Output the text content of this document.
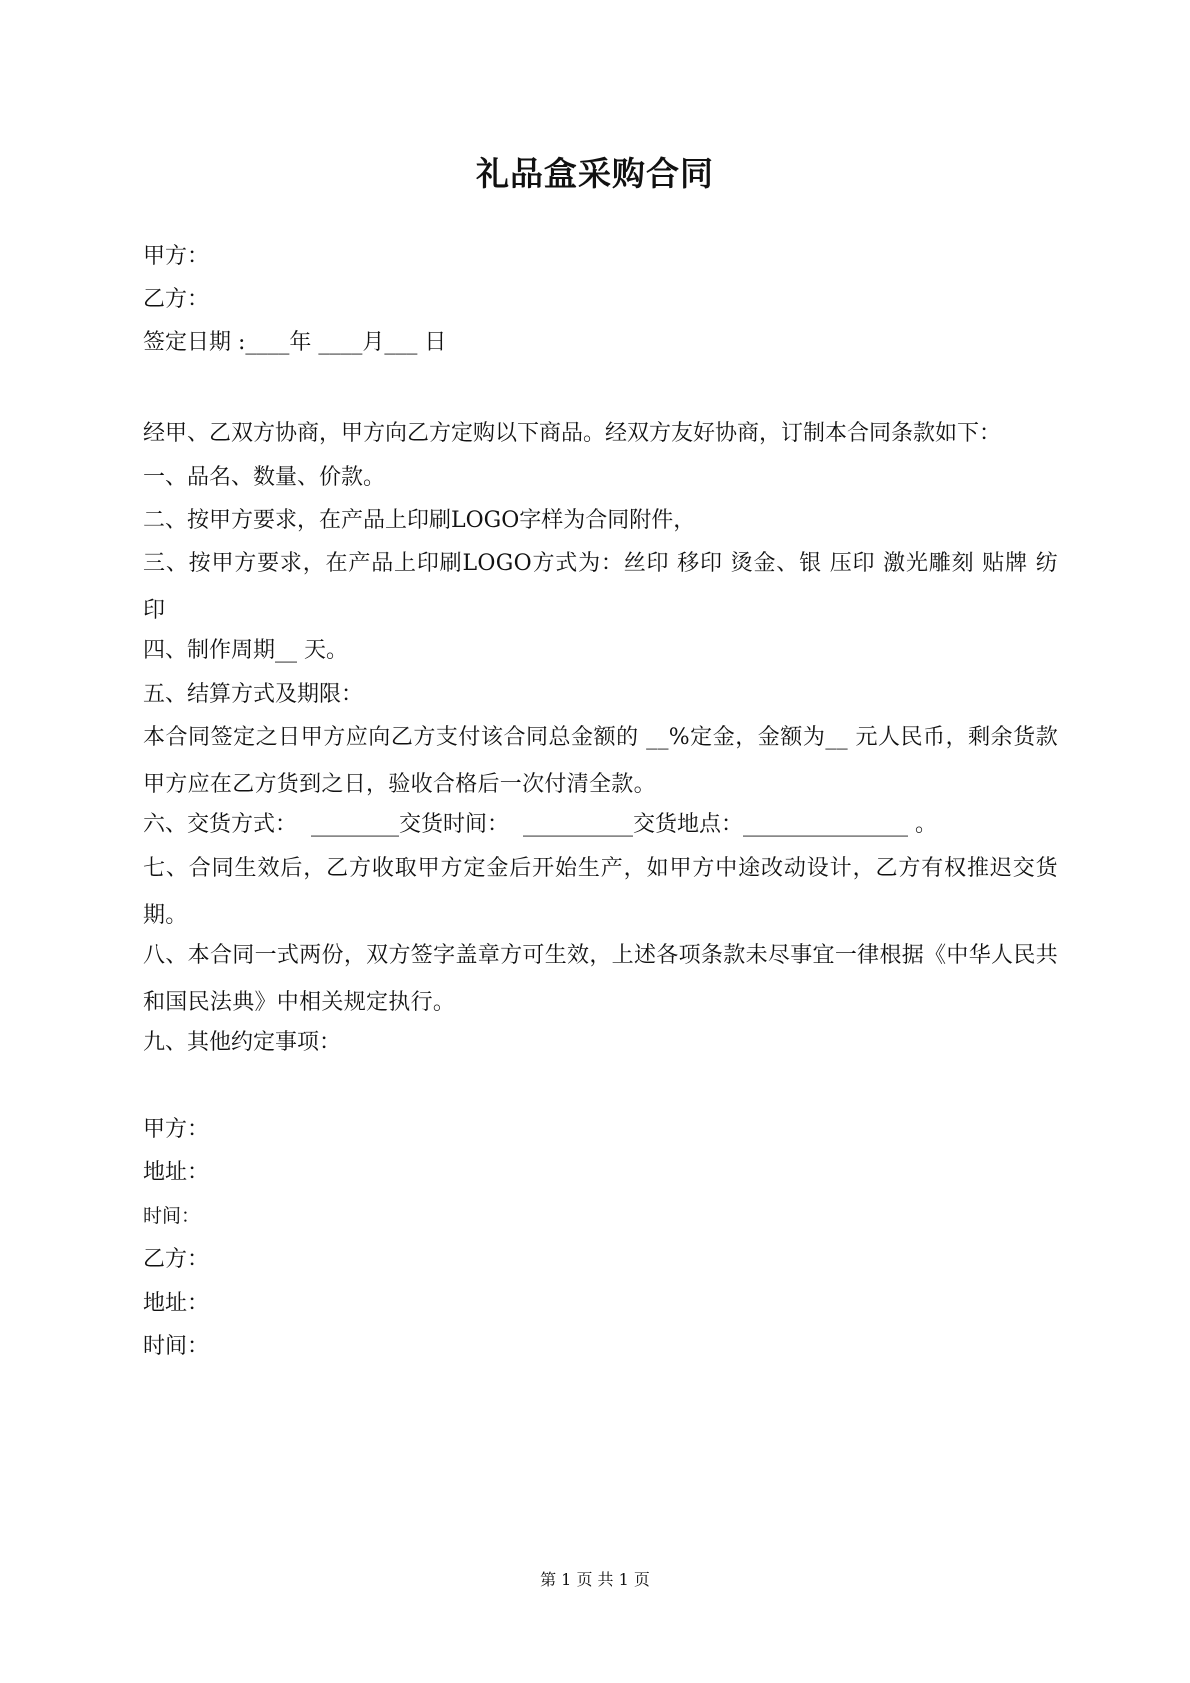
礼品盒采购合同
甲方：
乙方：
签定日期 :____年 ____月___ 日
经甲、乙双方协商，甲方向乙方定购以下商品。经双方友好协商，订制本合同条款如下：
一、品名、数量、价款。
二、按甲方要求，在产品上印刷LOGO字样为合同附件，
三、按甲方要求，在产品上印刷LOGO方式为：丝印 移印 烫金、银 压印 激光雕刻 贴牌 纺印
四、制作周期__ 天。
五、结算方式及期限：
本合同签定之日甲方应向乙方支付该合同总金额的 __%定金，金额为__ 元人民币，剩余货款甲方应在乙方货到之日，验收合格后一次付清全款。
六、交货方式：  ________交货时间：  __________交货地点：_______________ 。
七、合同生效后，乙方收取甲方定金后开始生产，如甲方中途改动设计，乙方有权推迟交货期。
八、本合同一式两份，双方签字盖章方可生效，上述各项条款未尽事宜一律根据《中华人民共和国民法典》中相关规定执行。
九、其他约定事项：
甲方：
地址：
时间：
乙方：
地址：
时间：
第 1 页 共 1 页
